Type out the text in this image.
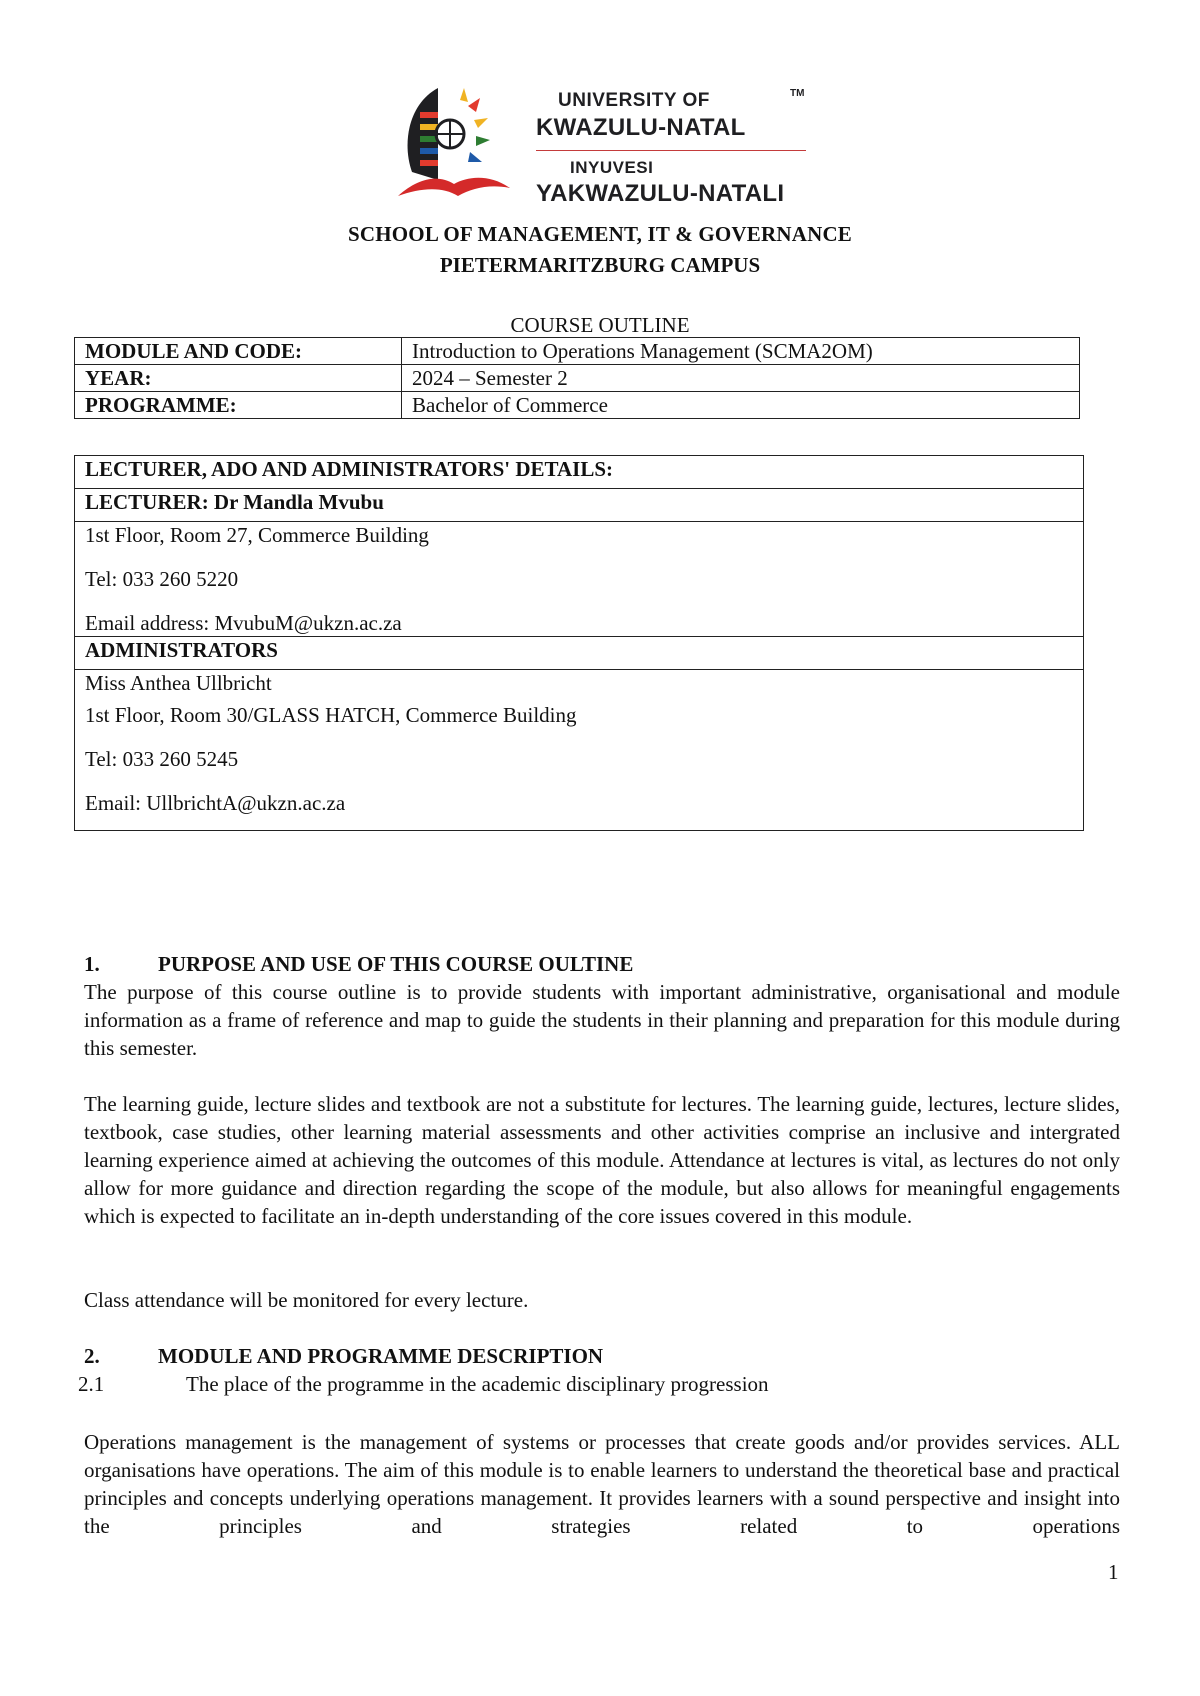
UNIVERSITY OF
KWAZULU-NATAL
INYUVESI
YAKWAZULU-NATALI
TM
SCHOOL OF MANAGEMENT, IT & GOVERNANCE
PIETERMARITZBURG CAMPUS
COURSE OUTLINE
MODULE AND CODE:	Introduction to Operations Management (SCMA2OM)
YEAR:	2024 – Semester 2
PROGRAMME:	Bachelor of Commerce
LECTURER, ADO AND ADMINISTRATORS' DETAILS:
LECTURER: Dr Mandla Mvubu

1st Floor, Room 27, Commerce Building

Tel: 033 260 5220

Email address: MvubuM@ukzn.ac.za

ADMINISTRATORS

Miss Anthea Ullbricht

1st Floor, Room 30/GLASS HATCH, Commerce Building

Tel: 033 260 5245

Email: UllbrichtA@ukzn.ac.za

1.	PURPOSE AND USE OF THIS COURSE OULTINE
The purpose of this course outline is to provide students with important administrative, organisational and module information as a frame of reference and map to guide the students in their planning and preparation for this module during this semester.
The learning guide, lecture slides and textbook are not a substitute for lectures. The learning guide, lectures, lecture slides, textbook, case studies, other learning material assessments and other activities comprise an inclusive and intergrated learning experience aimed at achieving the outcomes of this module. Attendance at lectures is vital, as lectures do not only allow for more guidance and direction regarding the scope of the module, but also allows for meaningful engagements which is expected to facilitate an in-depth understanding of the core issues covered in this module.
Class attendance will be monitored for every lecture.
2.	MODULE AND PROGRAMME DESCRIPTION
2.1	The place of the programme in the academic disciplinary progression
Operations management is the management of systems or processes that create goods and/or provides services. ALL organisations have operations. The aim of this module is to enable learners to understand the theoretical base and practical principles and concepts underlying operations management. It provides learners with a sound perspective and insight into the principles and strategies related to operations
1
